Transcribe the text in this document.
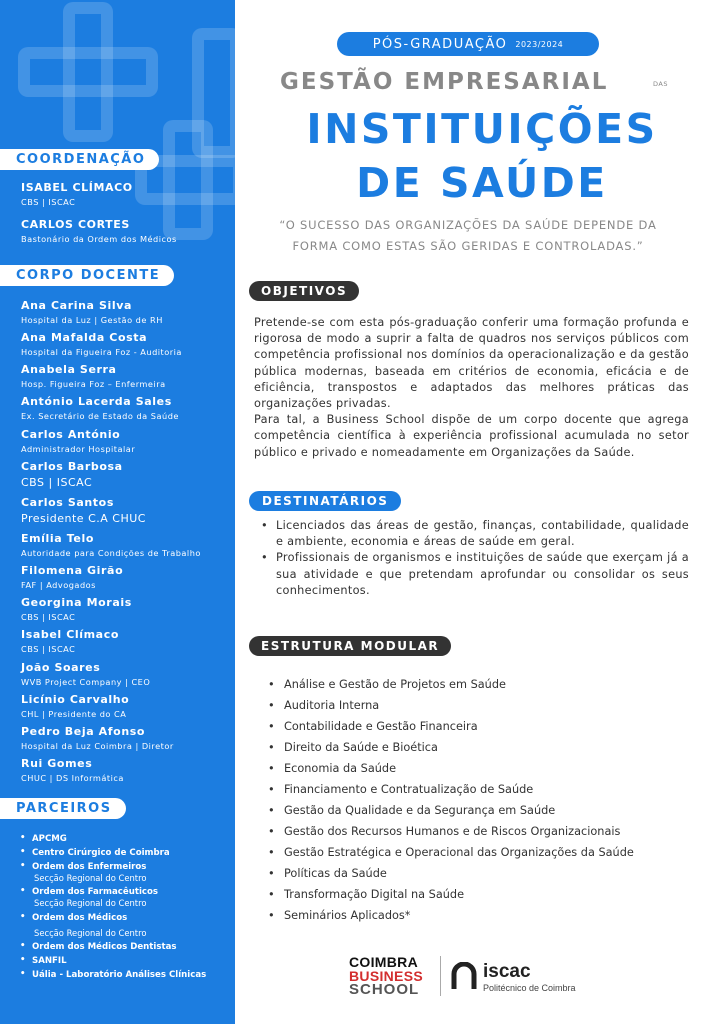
COORDENAÇÃO
ISABEL CLÍMACO
CBS | ISCAC
CARLOS CORTES
Bastonário da Ordem dos Médicos
CORPO DOCENTE
Ana Carina Silva
Hospital da Luz | Gestão de RH
Ana Mafalda Costa
Hospital da Figueira Foz - Auditoria
Anabela Serra
Hosp. Figueira Foz – Enfermeira
António Lacerda Sales
Ex. Secretário de Estado da Saúde
Carlos António
Administrador Hospitalar
Carlos Barbosa
CBS | ISCAC
Carlos Santos
Presidente C.A CHUC
Emília Telo
Autoridade para Condições de Trabalho
Filomena Girão
FAF | Advogados
Georgina Morais
CBS | ISCAC
Isabel Clímaco
CBS | ISCAC
João Soares
WVB Project Company | CEO
Licínio Carvalho
CHL | Presidente do CA
Pedro Beja Afonso
Hospital da Luz Coimbra | Diretor
Rui Gomes
CHUC | DS Informática
PARCEIROS
• APCMG
• Centro Cirúrgico de Coimbra
• Ordem dos Enfermeiros
Secção Regional do Centro
• Ordem dos Farmacêuticos
Secção Regional do Centro
• Ordem dos Médicos
Secção Regional do Centro
• Ordem dos Médicos Dentistas
• SANFIL
• Uália - Laboratório Análises Clínicas
PÓS-GRADUAÇÃO 2023/2024
GESTÃO EMPRESARIAL	DAS
INSTITUIÇÕES
DE SAÚDE
“O SUCESSO DAS ORGANIZAÇÕES DA SAÚDE DEPENDE DA FORMA COMO ESTAS SÃO GERIDAS E CONTROLADAS.”
OBJETIVOS

Pretende-se com esta pós-graduação conferir uma formação profunda e rigorosa de modo a suprir a falta de quadros nos serviços públicos com competência profissional nos domínios da operacionalização e da gestão pública modernas, baseada em critérios de economia, eficácia e de eficiência, transpostos e adaptados das melhores práticas das organizações privadas.

Para tal, a Business School dispõe de um corpo docente que agrega competência científica à experiência profissional acumulada no setor público e privado e nomeadamente em Organizações da Saúde.

DESTINATÁRIOS
• Licenciados das áreas de gestão, finanças, contabilidade, qualidade e ambiente, economia e áreas de saúde em geral.
• Profissionais de organismos e instituições de saúde que exerçam já a sua atividade e que pretendam aprofundar ou consolidar os seus conhecimentos.
ESTRUTURA MODULAR
• Análise e Gestão de Projetos em Saúde
• Auditoria Interna
• Contabilidade e Gestão Financeira
• Direito da Saúde e Bioética
• Economia da Saúde
• Financiamento e Contratualização de Saúde
• Gestão da Qualidade e da Segurança em Saúde
• Gestão dos Recursos Humanos e de Riscos Organizacionais
• Gestão Estratégica e Operacional das Organizações da Saúde
• Políticas da Saúde
• Transformação Digital na Saúde
• Seminários Aplicados*
COIMBRA
BUSINESS
SCHOOL
iscac
Politécnico de Coimbra
